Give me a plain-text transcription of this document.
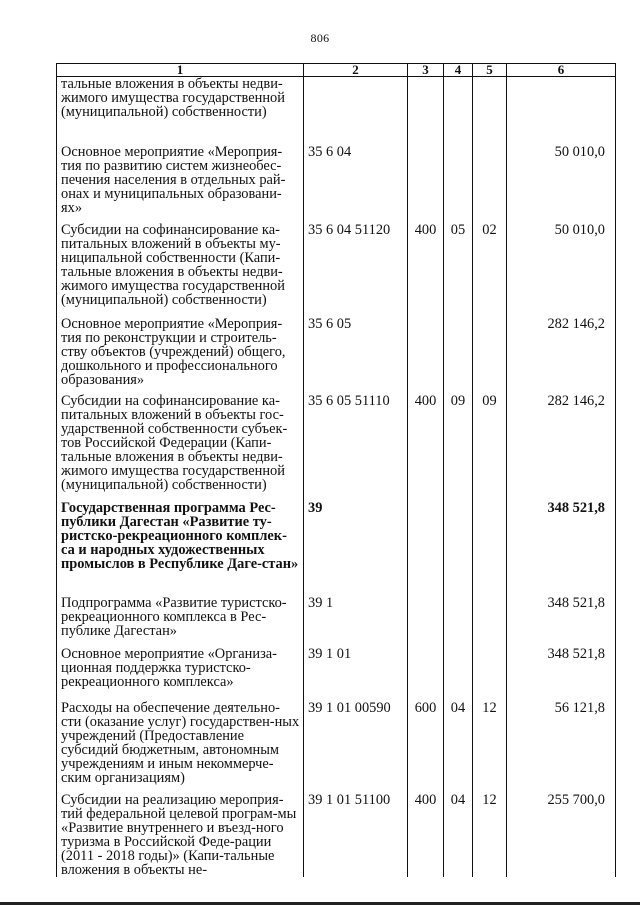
806
1	2	3	4	5	6
тальные вложения в объекты недви-жимого имущества государственной (муниципальной) собственности)					
Основное мероприятие «Мероприя-тия по развитию систем жизнеобес-печения населения в отдельных рай-онах и муниципальных образовани-ях»	35 6 04				50 010,0
Субсидии на софинансирование ка-питальных вложений в объекты му-ниципальной собственности (Капи-тальные вложения в объекты недви-жимого имущества государственной (муниципальной) собственности)	35 6 04 51120	400	05	02	50 010,0
Основное мероприятие «Мероприя-тия по реконструкции и строитель-ству объектов (учреждений) общего, дошкольного и профессионального образования»	35 6 05				282 146,2
Субсидии на софинансирование ка-питальных вложений в объекты гос-ударственной собственности субъек-тов Российской Федерации (Капи-тальные вложения в объекты недви-жимого имущества государственной (муниципальной) собственности)	35 6 05 51110	400	09	09	282 146,2
Государственная программа Рес-публики Дагестан «Развитие ту-ристско-рекреационного комплек-са и народных художественных промыслов в Республике Даге-стан»	39				348 521,8
Подпрограмма «Развитие туристско-рекреационного комплекса в Рес-публике Дагестан»	39 1				348 521,8
Основное мероприятие «Организа-ционная поддержка туристско-рекреационного комплекса»	39 1 01				348 521,8
Расходы на обеспечение деятельно-сти (оказание услуг) государствен-ных учреждений (Предоставление субсидий бюджетным, автономным учреждениям и иным некоммерче-ским организациям)	39 1 01 00590	600	04	12	56 121,8
Субсидии на реализацию мероприя-тий федеральной целевой програм-мы «Развитие внутреннего и въезд-ного туризма в Российской Феде-рации (2011 - 2018 годы)» (Капи-тальные вложения в объекты не-	39 1 01 51100	400	04	12	255 700,0
